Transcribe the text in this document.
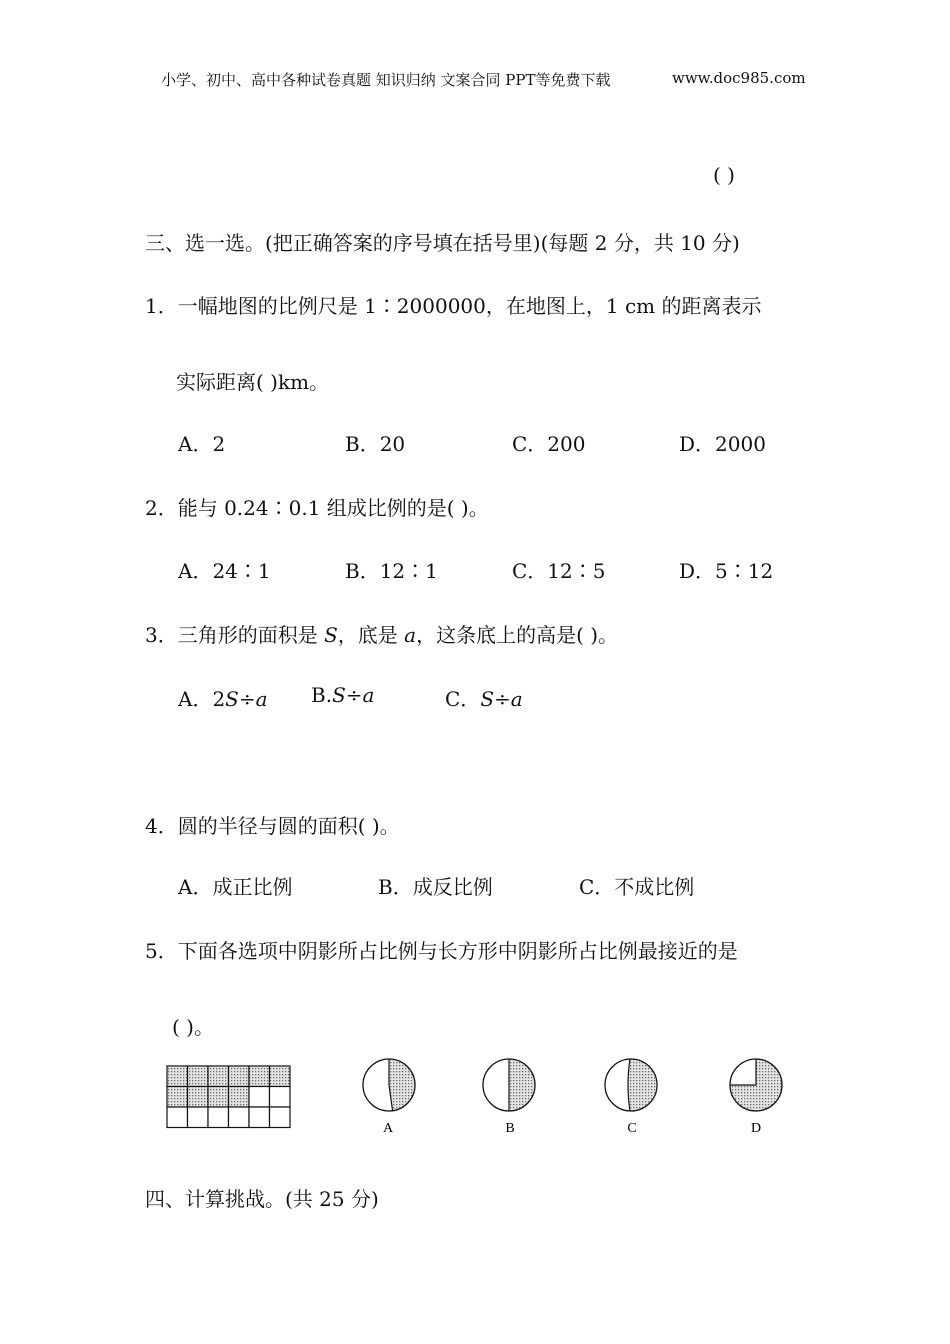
小学、初中、高中各种试卷真题 知识归纳 文案合同 PPT等免费下载	www.doc985.com
( )
三、选一选。(把正确答案的序号填在括号里)(每题 2 分，共 10 分)
1．一幅地图的比例尺是 1∶2000000，在地图上，1 cm 的距离表示
实际距离( )km。
A．2	B．20	C．200	D．2000
2．能与 0.24∶0.1 组成比例的是( )。
A．24∶1	B．12∶1	C．12∶5	D．5∶12
3．三角形的面积是 S，底是 a，这条底上的高是( )。
A．2S÷a B.S÷a	C．S÷a
4．圆的半径与圆的面积( )。
A．成正比例	B．成反比例	C．不成比例
5．下面各选项中阴影所占比例与长方形中阴影所占比例最接近的是
( )。
A	B	C	D
四、计算挑战。(共 25 分)
